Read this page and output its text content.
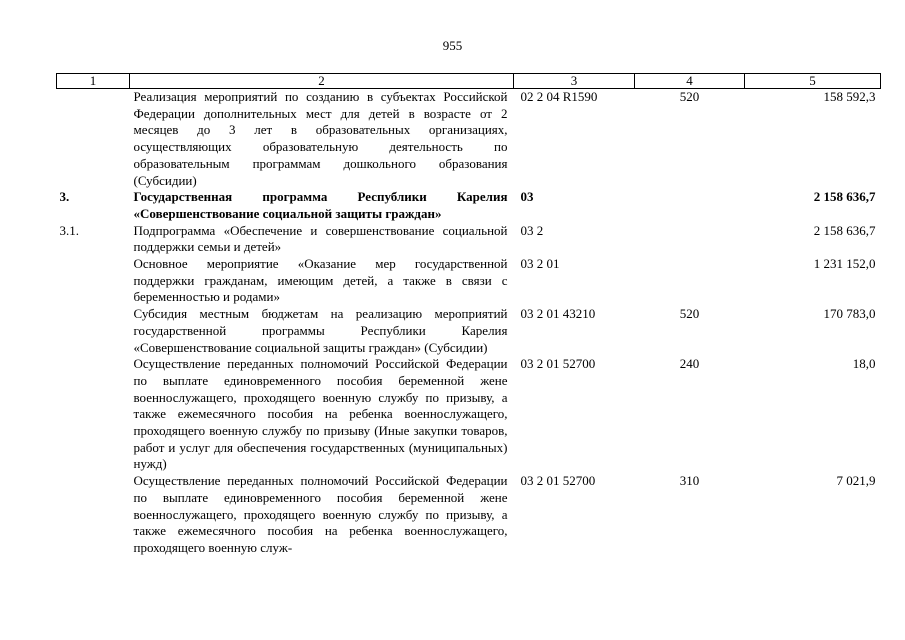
955
1	2	3	4	5
	Реализация мероприятий по созданию в субъектах Российской Федерации дополнительных мест для детей в возрасте от 2 месяцев до 3 лет в образовательных организациях, осуществляющих образовательную деятельность по образовательным программам дошкольного образования (Субсидии)	02 2 04 R1590	520	158 592,3
3.	Государственная программа Республики Карелия «Совершенствование социальной защиты граждан»	03		2 158 636,7
3.1.	Подпрограмма «Обеспечение и совершенствование социальной поддержки семьи и детей»	03 2		2 158 636,7
	Основное мероприятие «Оказание мер государственной поддержки гражданам, имеющим детей, а также в связи с беременностью и родами»	03 2 01		1 231 152,0
	Субсидия местным бюджетам на реализацию мероприятий государственной программы Республики Карелия «Совершенствование социальной защиты граждан» (Субсидии)	03 2 01 43210	520	170 783,0
	Осуществление переданных полномочий Российской Федерации по выплате единовременного пособия беременной жене военнослужащего, проходящего военную службу по призыву, а также ежемесячного пособия на ребенка военнослужащего, проходящего военную службу по призыву (Иные закупки товаров, работ и услуг для обеспечения государственных (муниципальных) нужд)	03 2 01 52700	240	18,0
	Осуществление переданных полномочий Российской Федерации по выплате единовременного пособия беременной жене военнослужащего, проходящего военную службу по призыву, а также ежемесячного пособия на ребенка военнослужащего, проходящего военную служ-	03 2 01 52700	310	7 021,9
